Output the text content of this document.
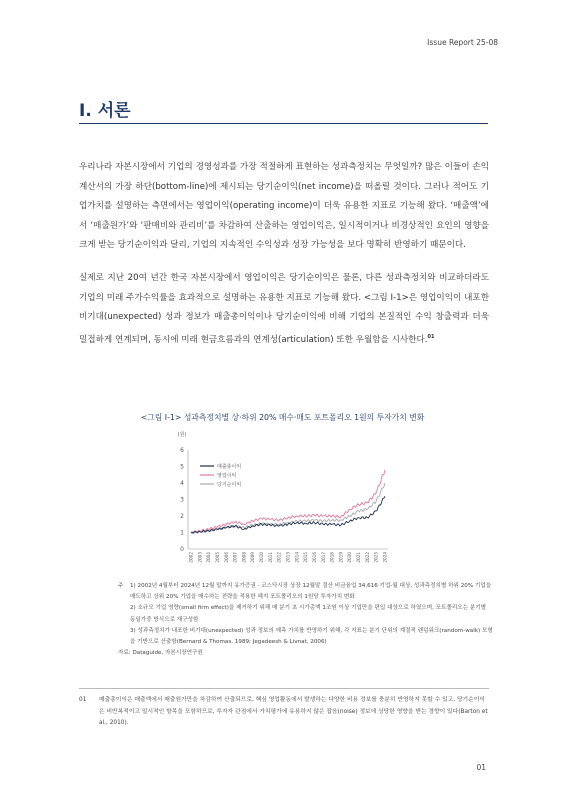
Issue Report 25-08
Ⅰ. 서론

우리나라 자본시장에서 기업의 경영성과를 가장 적절하게 표현하는 성과측정치는 무엇일까? 많은 이들이 손익계산서의 가장 하단(bottom-line)에 제시되는 당기순이익(net income)을 떠올릴 것이다. 그러나 적어도 기업가치를 설명하는 측면에서는 영업이익(operating income)이 더욱 유용한 지표로 기능해 왔다. ‘매출액’에서 ‘매출원가’와 ‘판매비와 관리비’를 차감하여 산출하는 영업이익은, 일시적이거나 비경상적인 요인의 영향을 크게 받는 당기순이익과 달리, 기업의 지속적인 수익성과 성장 가능성을 보다 명확히 반영하기 때문이다.

실제로 지난 20여 년간 한국 자본시장에서 영업이익은 당기순이익은 물론, 다른 성과측정치와 비교하더라도 기업의 미래 주가수익률을 효과적으로 설명하는 유용한 지표로 기능해 왔다. <그림 Ⅰ-1>은 영업이익이 내포한 비기대(unexpected) 성과 정보가 매출총이익이나 당기순이익에 비해 기업의 본질적인 수익 창출력과 더욱 밀접하게 연계되며, 동시에 미래 현금흐름과의 연계성(articulation) 또한 우월함을 시사한다.$^{01}$

<그림 Ⅰ-1> 성과측정치별 상·하위 20% 매수·매도 포트폴리오 1원의 투자가치 변화
(원)
0
1
2
3
4
5
6
2002 2003 2004 2005 2006 2007 2008 2009 2010 2011 2012 2013 2014 2015 2016 2017 2018 2019 2020 2021 2022 2023 2024
매출총이익
영업이익
당기순이익
주	1) 2002년 4월부터 2024년 12월 말까지 유가증권 · 코스닥시장 상장 12월말 결산 비금융업 34,616 기업-월 대상, 성과측정치별 하위 20% 기업을 매도하고 상위 20% 기업을 매수하는 전략을 적용한 헤지 포트폴리오의 1원당 투자가치 변화
2) 소규모 기업 영향(small firm effect)을 제거하기 위해 매 분기 초 시가총액 1조원 이상 기업만을 편입 대상으로 하였으며, 포트폴리오는 분기별 동일가중 방식으로 재구성함
3) 성과측정치가 내포한 비기대(unexpected) 성과 정보의 예측 가치를 반영하기 위해, 각 지표는 분기 단위의 계절적 랜덤워크(random-walk) 모형을 기반으로 산출함(Bernard & Thomas, 1989; Jegadeesh & Livnat, 2006)
자료: Dataguide, 자본시장연구원
01	매출총이익은 매출액에서 매출원가만을 차감하여 산출되므로, 핵심 영업활동에서 발생하는 다양한 비용 정보를 충분히 반영하지 못할 수 있고, 당기순이익은 비반복적이고 일시적인 항목을 포함하므로, 투자자 관점에서 가치평가에 유용하지 않은 잡음(noise) 정보에 상당한 영향을 받는 경향이 있다(Barton et al., 2010).
01
